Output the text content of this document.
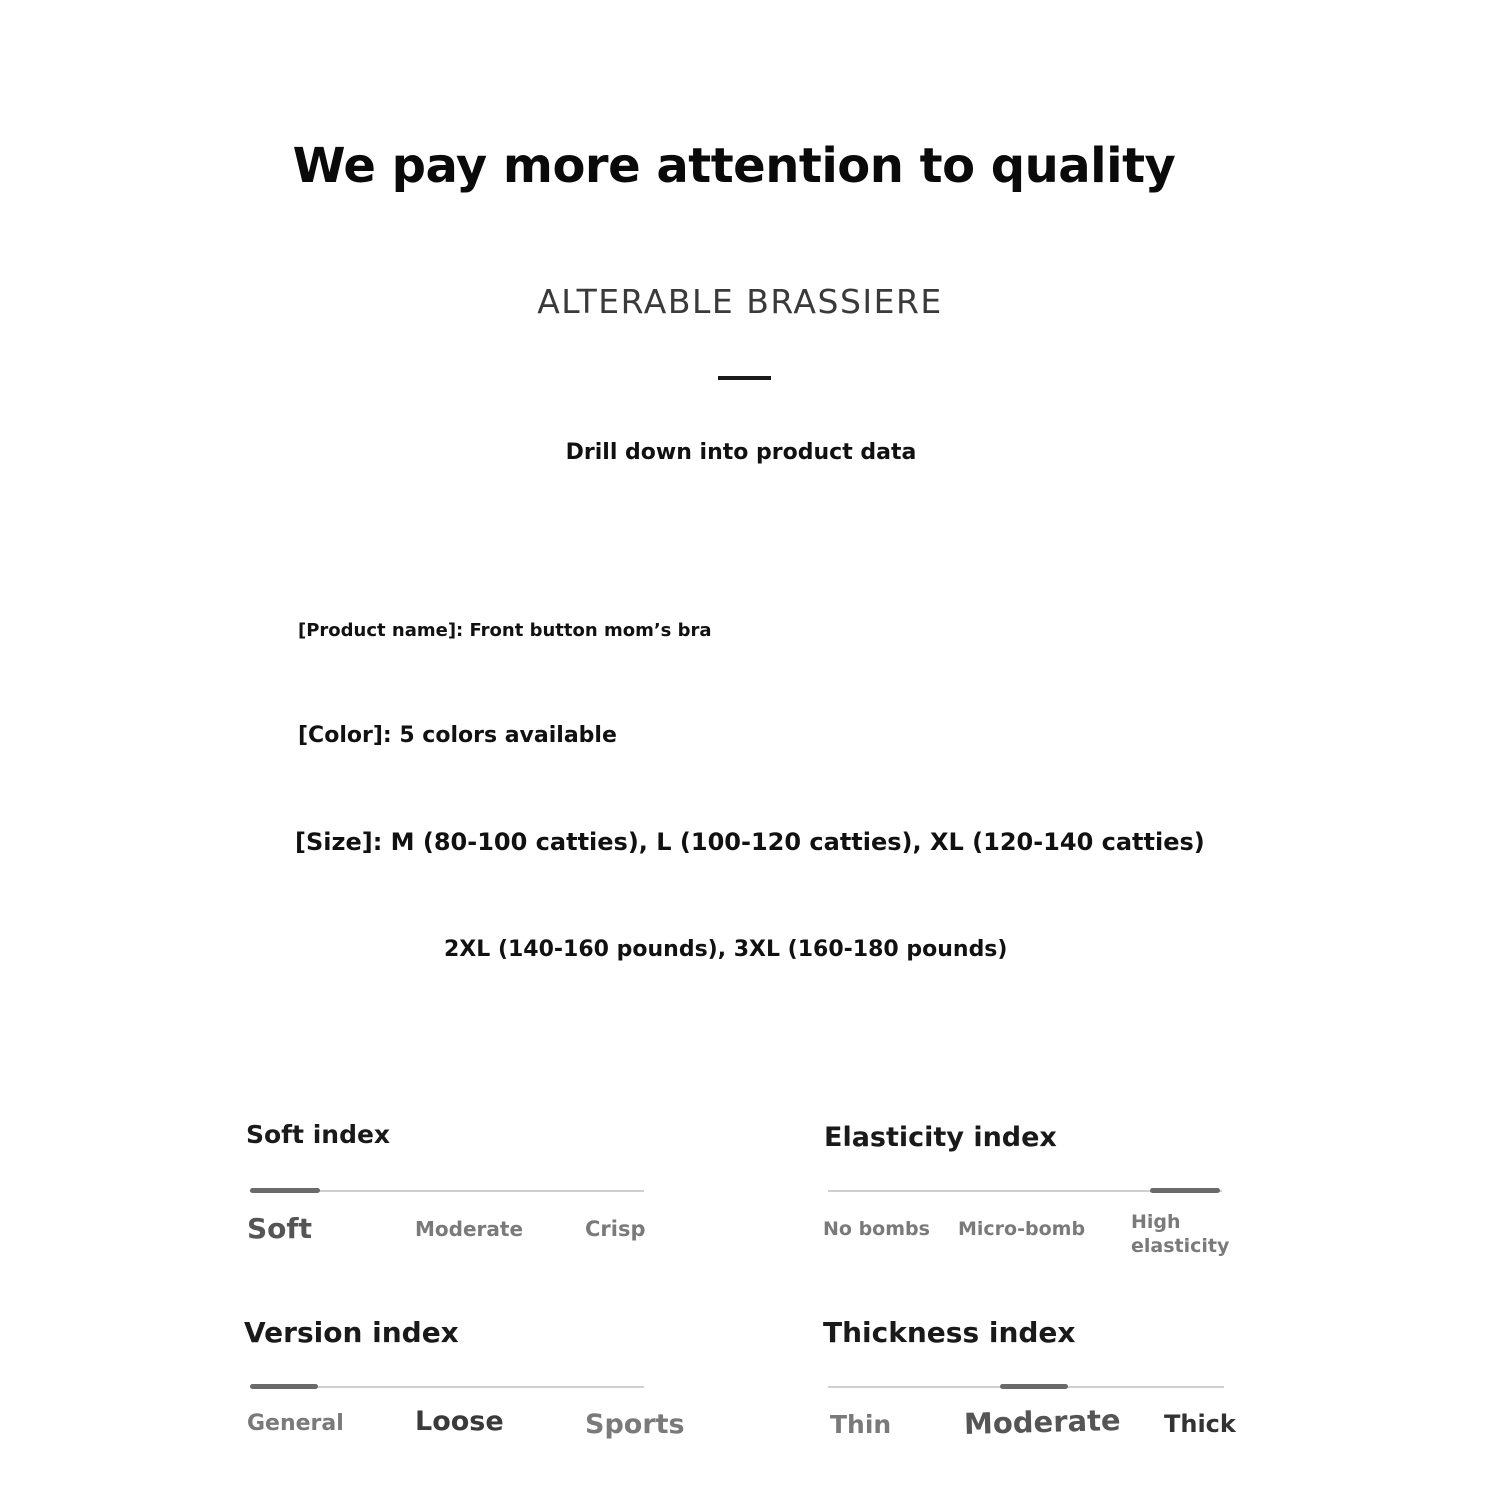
We pay more attention to quality
ALTERABLE BRASSIERE
Drill down into product data
[Product name]: Front button mom’s bra
[Color]: 5 colors available
[Size]: M (80-100 catties), L (100-120 catties), XL (120-140 catties)
2XL (140-160 pounds), 3XL (160-180 pounds)
Soft index
Soft	Moderate	Crisp
Elasticity index
No bombs Micro-bomb High
elasticity
Version index
General	Loose	Sports
Thickness index
Thin Moderate Thick
